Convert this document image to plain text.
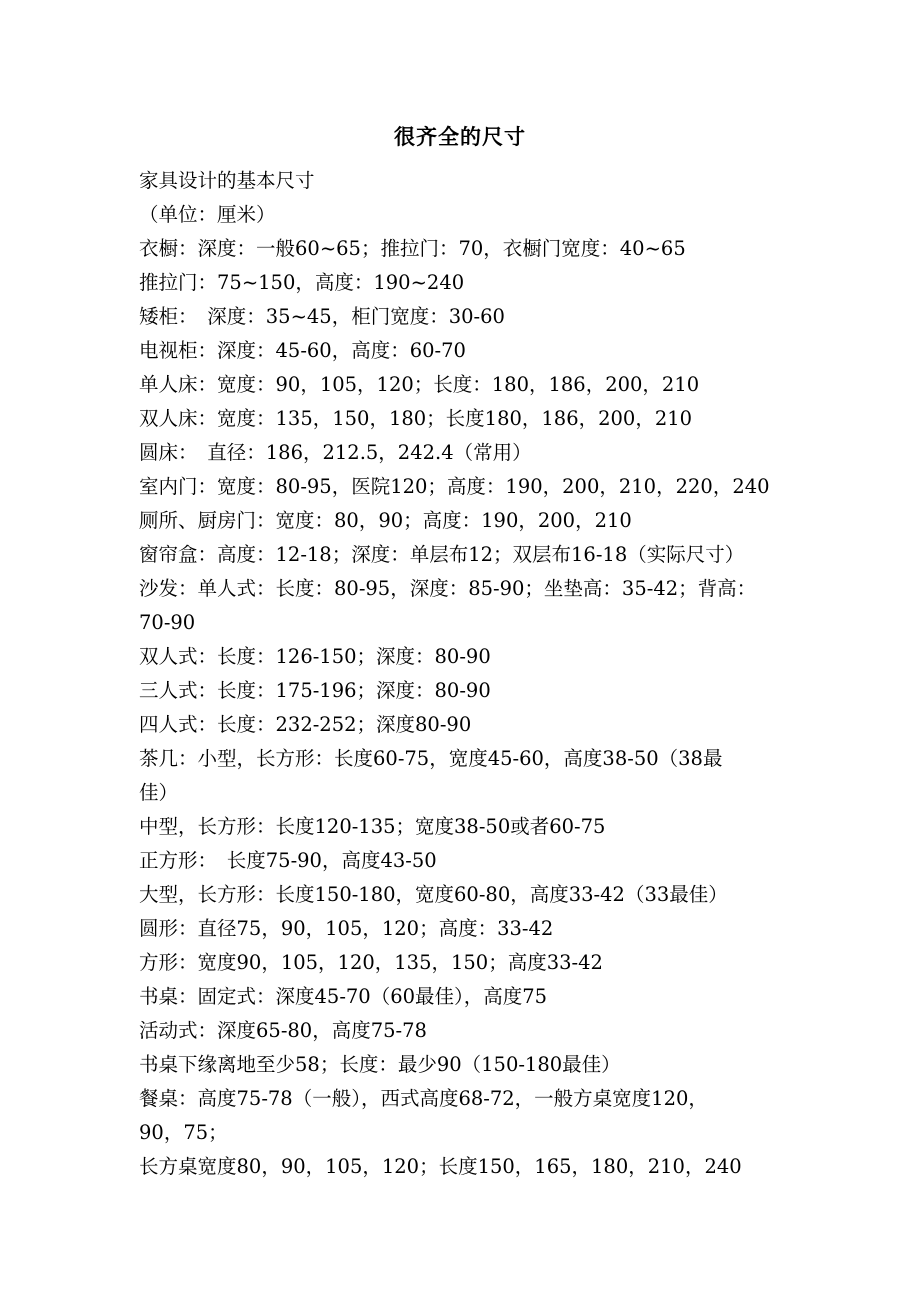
很齐全的尺寸
家具设计的基本尺寸
（单位：厘米）
衣橱：深度：一般60~65；推拉门：70，衣橱门宽度：40~65
推拉门：75~150，高度：190~240
矮柜：　深度：35~45，柜门宽度：30-60
电视柜：深度：45-60，高度：60-70
单人床：宽度：90，105，120；长度：180，186，200，210
双人床：宽度：135，150，180；长度180，186，200，210
圆床：　直径：186，212.5，242.4（常用）
室内门：宽度：80-95，医院120；高度：190，200，210，220，240
厕所、厨房门：宽度：80，90；高度：190，200，210
窗帘盒：高度：12-18；深度：单层布12；双层布16-18（实际尺寸）
沙发：单人式：长度：80-95，深度：85-90；坐垫高：35-42；背高：
70-90
双人式：长度：126-150；深度：80-90
三人式：长度：175-196；深度：80-90
四人式：长度：232-252；深度80-90
茶几：小型，长方形：长度60-75，宽度45-60，高度38-50（38最
佳）
中型，长方形：长度120-135；宽度38-50或者60-75
正方形：　长度75-90，高度43-50
大型，长方形：长度150-180，宽度60-80，高度33-42（33最佳）
圆形：直径75，90，105，120；高度：33-42
方形：宽度90，105，120，135，150；高度33-42
书桌：固定式：深度45-70（60最佳），高度75
活动式：深度65-80，高度75-78
书桌下缘离地至少58；长度：最少90（150-180最佳）
餐桌：高度75-78（一般），西式高度68-72，一般方桌宽度120，
90，75；
长方桌宽度80，90，105，120；长度150，165，180，210，240
